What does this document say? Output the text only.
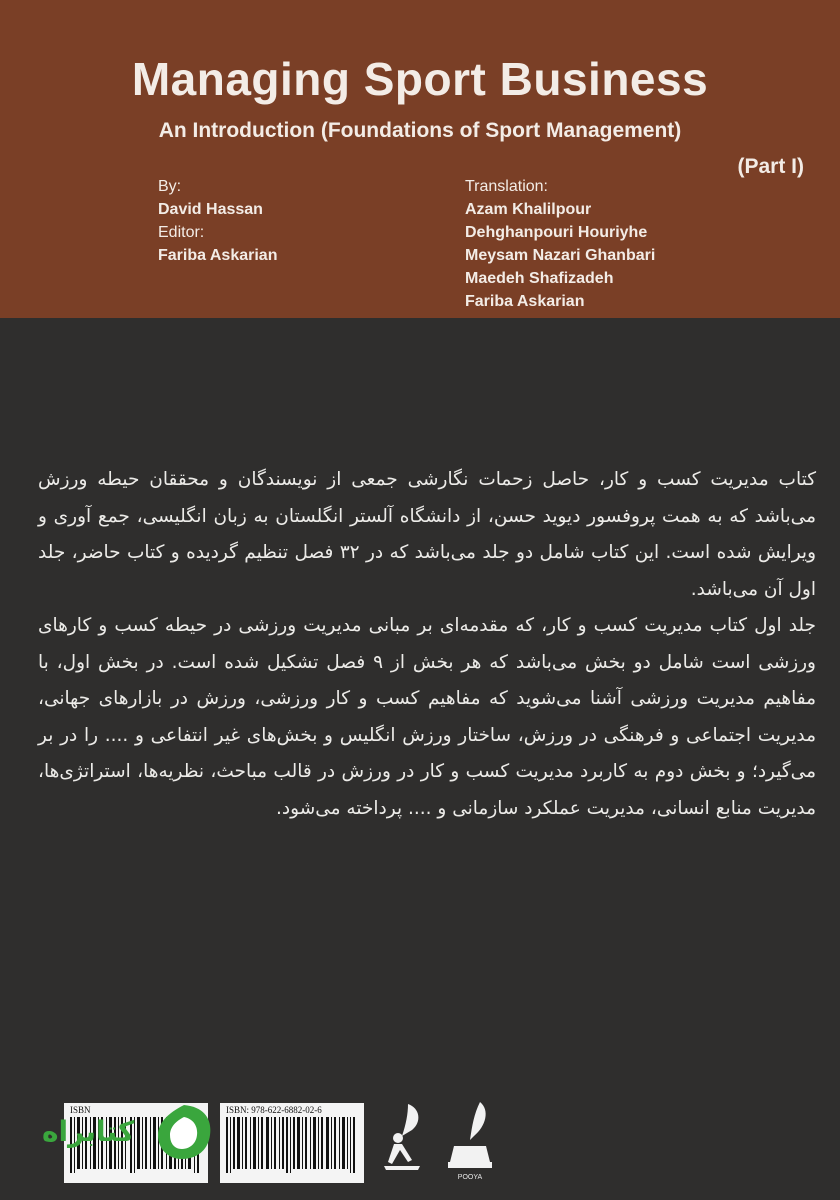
Managing Sport Business
An Introduction (Foundations of Sport Management)
(Part I)
By:
David Hassan
Editor:
Fariba Askarian
Translation:
Azam Khalilpour
Dehghanpouri Houriyhe
Meysam Nazari Ghanbari
Maedeh Shafizadeh
Fariba Askarian

کتاب مدیریت کسب و کار، حاصل زحمات نگارشی جمعی از نویسندگان و محققان حیطه ورزش می‌باشد که به همت پروفسور دیوید حسن، از دانشگاه آلستر انگلستان به زبان انگلیسی، جمع آوری و ویرایش شده است. این کتاب شامل دو جلد می‌باشد که در ۳۲ فصل تنظیم گردیده و کتاب حاضر، جلد اول آن می‌باشد.

جلد اول کتاب مدیریت کسب و کار، که مقدمه‌ای بر مبانی مدیریت ورزشی در حیطه کسب و کارهای ورزشی است شامل دو بخش می‌باشد که هر بخش از ۹ فصل تشکیل شده است. در بخش اول، با مفاهیم مدیریت ورزشی آشنا می‌شوید که مفاهیم کسب و کار ورزشی، ورزش در بازارهای جهانی، مدیریت اجتماعی و فرهنگی در ورزش، ساختار ورزش انگلیس و بخش‌های غیر انتفاعی و .... را در بر می‌گیرد؛ و بخش دوم به کاربرد مدیریت کسب و کار در ورزش در قالب مباحث، نظریه‌ها، استراتژی‌ها، مدیریت منابع انسانی، مدیریت عملکرد سازمانی و .... پرداخته می‌شود.

ISBN	ISBN: 978-622-6882-02-6
کتابراه
POOYA
